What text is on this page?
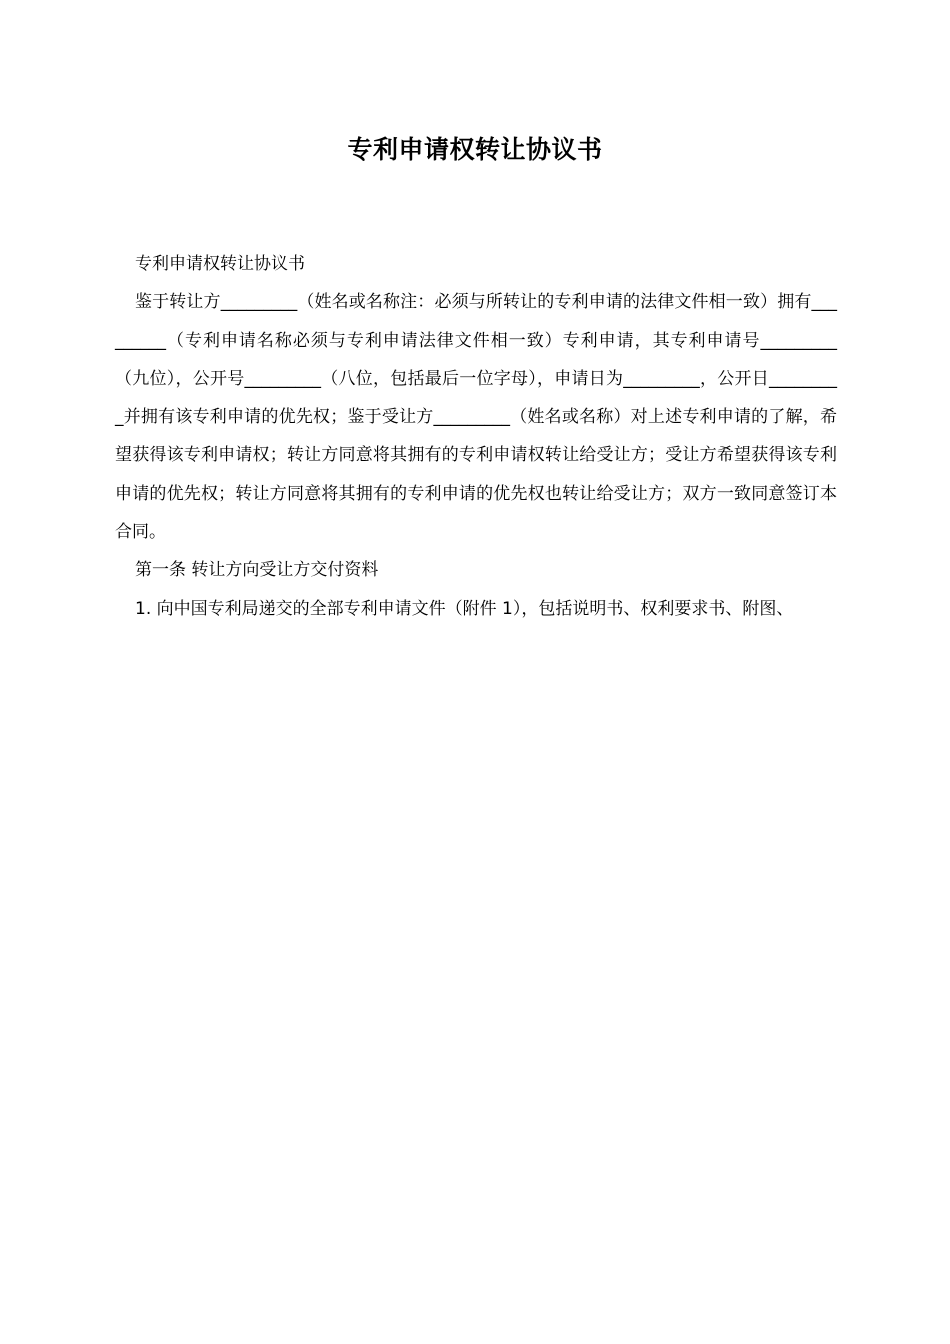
专利申请权转让协议书

专利申请权转让协议书

鉴于转让方_________（姓名或名称注：必须与所转让的专利申请的法律文件相一致）拥有_________（专利申请名称必须与专利申请法律文件相一致）专利申请，其专利申请号_________（九位），公开号_________（八位，包括最后一位字母），申请日为_________，公开日_________并拥有该专利申请的优先权；鉴于受让方_________（姓名或名称）对上述专利申请的了解，希望获得该专利申请权；转让方同意将其拥有的专利申请权转让给受让方；受让方希望获得该专利申请的优先权；转让方同意将其拥有的专利申请的优先权也转让给受让方；双方一致同意签订本合同。

第一条 转让方向受让方交付资料

1. 向中国专利局递交的全部专利申请文件（附件 1），包括说明书、权利要求书、附图、
